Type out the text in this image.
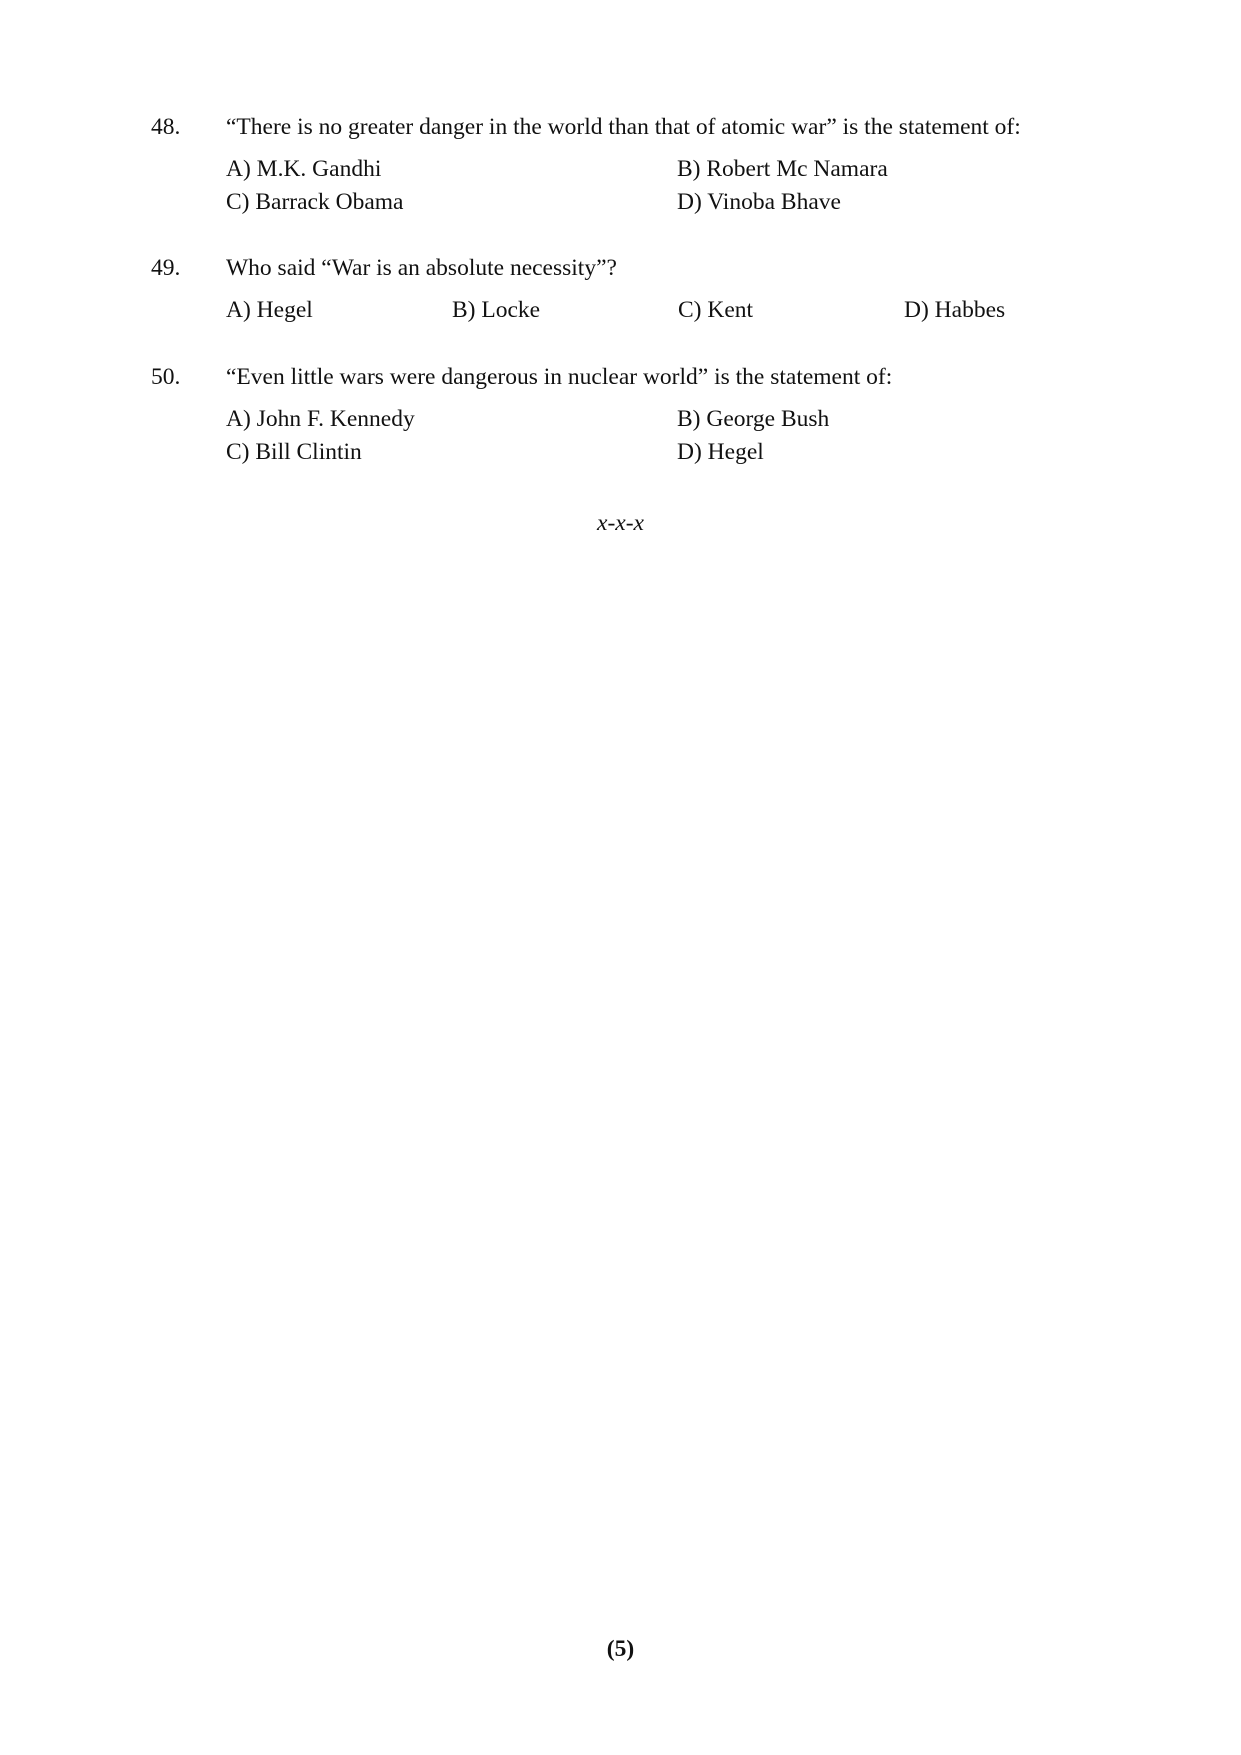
48.	“There is no greater danger in the world than that of atomic war” is the statement of:
A) M.K. Gandhi	B) Robert Mc Namara
C) Barrack Obama	D) Vinoba Bhave
49.	Who said “War is an absolute necessity”?
A) Hegel	B) Locke	C) Kent	D) Habbes
50.	“Even little wars were dangerous in nuclear world” is the statement of:
A) John F. Kennedy	B) George Bush
C) Bill Clintin	D) Hegel
x-x-x
(5)
